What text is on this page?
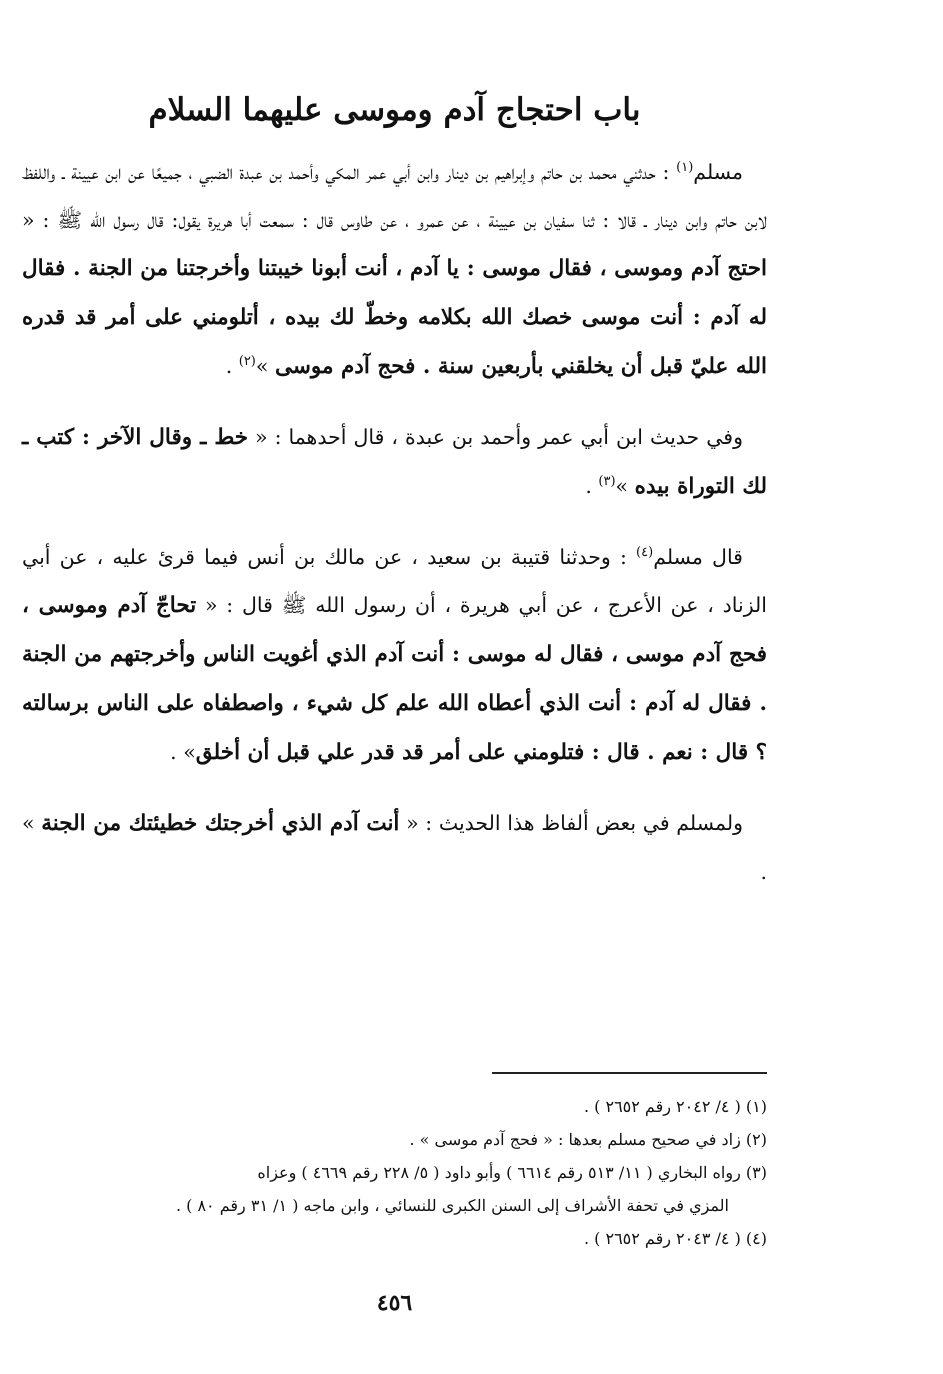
باب احتجاج آدم وموسى عليهما السلام

مسلم$^{(١)}$ : حدثني محمد بن حاتم وإبراهيم بن دينار وابن أبي عمر المكي وأحمد بن عبدة الضبي ، جميعًا عن ابن عيينة ـ واللفظ لابن حاتم وابن دينار ـ قالا : ثنا سفيان بن عيينة ، عن عمرو ، عن طاوس قال : سمعت أبا هريرة يقول: قال رسول الله ﷺ : « احتج آدم وموسى ، فقال موسى : يا آدم ، أنت أبونا خيبتنا وأخرجتنا من الجنة . فقال له آدم : أنت موسى خصك الله بكلامه وخطّ لك بيده ، أتلومني على أمر قد قدره الله عليّ قبل أن يخلقني بأربعين سنة . فحج آدم موسى »$^{(٢)}$ .

وفي حديث ابن أبي عمر وأحمد بن عبدة ، قال أحدهما : « خط ـ وقال الآخر : كتب ـ لك التوراة بيده »$^{(٣)}$ .

قال مسلم$^{(٤)}$ : وحدثنا قتيبة بن سعيد ، عن مالك بن أنس فيما قرئ عليه ، عن أبي الزناد ، عن الأعرج ، عن أبي هريرة ، أن رسول الله ﷺ قال : « تحاجّ آدم وموسى ، فحج آدم موسى ، فقال له موسى : أنت آدم الذي أغويت الناس وأخرجتهم من الجنة . فقال له آدم : أنت الذي أعطاه الله علم كل شيء ، واصطفاه على الناس برسالته ؟ قال : نعم . قال : فتلومني على أمر قد قدر علي قبل أن أخلق» .

ولمسلم في بعض ألفاظ هذا الحديث : « أنت آدم الذي أخرجتك خطيئتك من الجنة » .

(١) ( ٤/ ٢٠٤٢ رقم ٢٦٥٢ ) .

(٢) زاد في صحيح مسلم بعدها : « فحج آدم موسى » .

(٣) رواه البخاري ( ١١/ ٥١٣ رقم ٦٦١٤ ) وأبو داود ( ٥/ ٢٢٨ رقم ٤٦٦٩ ) وعزاه

المزي في تحفة الأشراف إلى السنن الكبرى للنسائي ، وابن ماجه ( ١/ ٣١ رقم ٨٠ ) .

(٤) ( ٤/ ٢٠٤٣ رقم ٢٦٥٢ ) .

٤٥٦
